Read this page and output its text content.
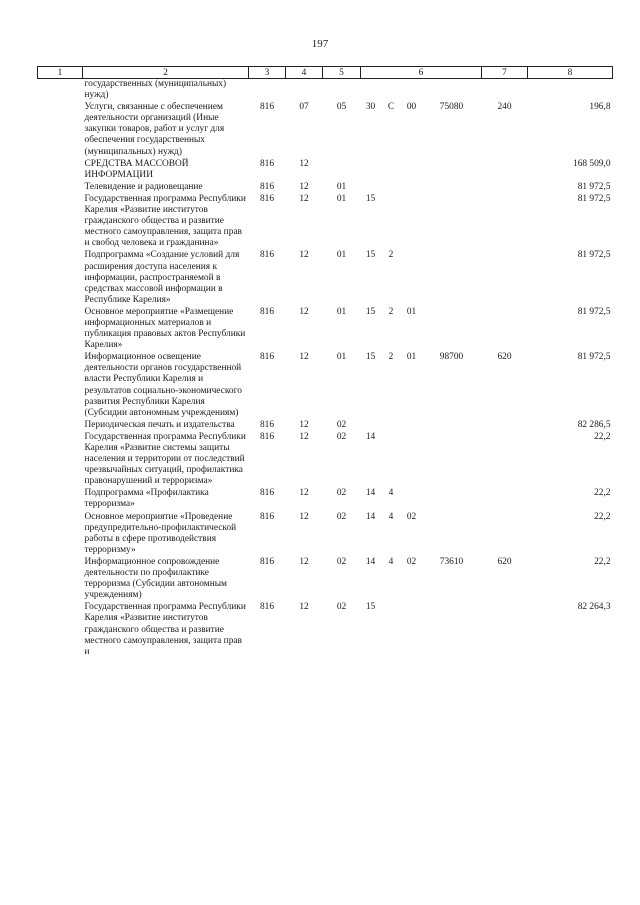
197
1	2	3	4	5	6				7	8
	государственных (муниципальных) нужд)									
	Услуги, связанные с обеспечением деятельности организаций (Иные закупки товаров, работ и услуг для обеспечения государственных (муниципальных) нужд)	816	07	05	30	С	00	75080	240	196,8
	СРЕДСТВА МАССОВОЙ ИНФОРМАЦИИ	816	12							168 509,0
	Телевидение и радиовещание	816	12	01						81 972,5
	Государственная программа Республики Карелия «Развитие институтов гражданского общества и развитие местного самоуправления, защита прав и свобод человека и гражданина»	816	12	01	15					81 972,5
	Подпрограмма «Создание условий для расширения доступа населения к информации, распространяемой в средствах массовой информации в Республике Карелия»	816	12	01	15	2				81 972,5
	Основное мероприятие «Размещение информационных материалов и публикация правовых актов Республики Карелия»	816	12	01	15	2	01			81 972,5
	Информационное освещение деятельности органов государственной власти Республики Карелия и результатов социально-экономического развития Республики Карелия (Субсидии автономным учреждениям)	816	12	01	15	2	01	98700	620	81 972,5
	Периодическая печать и издательства	816	12	02						82 286,5
	Государственная программа Республики Карелия «Развитие системы защиты населения и территории от последствий чрезвычайных ситуаций, профилактика правонарушений и терроризма»	816	12	02	14					22,2
	Подпрограмма «Профилактика терроризма»	816	12	02	14	4				22,2
	Основное мероприятие «Проведение предупредительно-профилактической работы в сфере противодействия терроризму»	816	12	02	14	4	02			22,2
	Информационное сопровождение деятельности по профилактике терроризма (Субсидии автономным учреждениям)	816	12	02	14	4	02	73610	620	22,2
	Государственная программа Республики Карелия «Развитие институтов гражданского общества и развитие местного самоуправления, защита прав и	816	12	02	15					82 264,3
